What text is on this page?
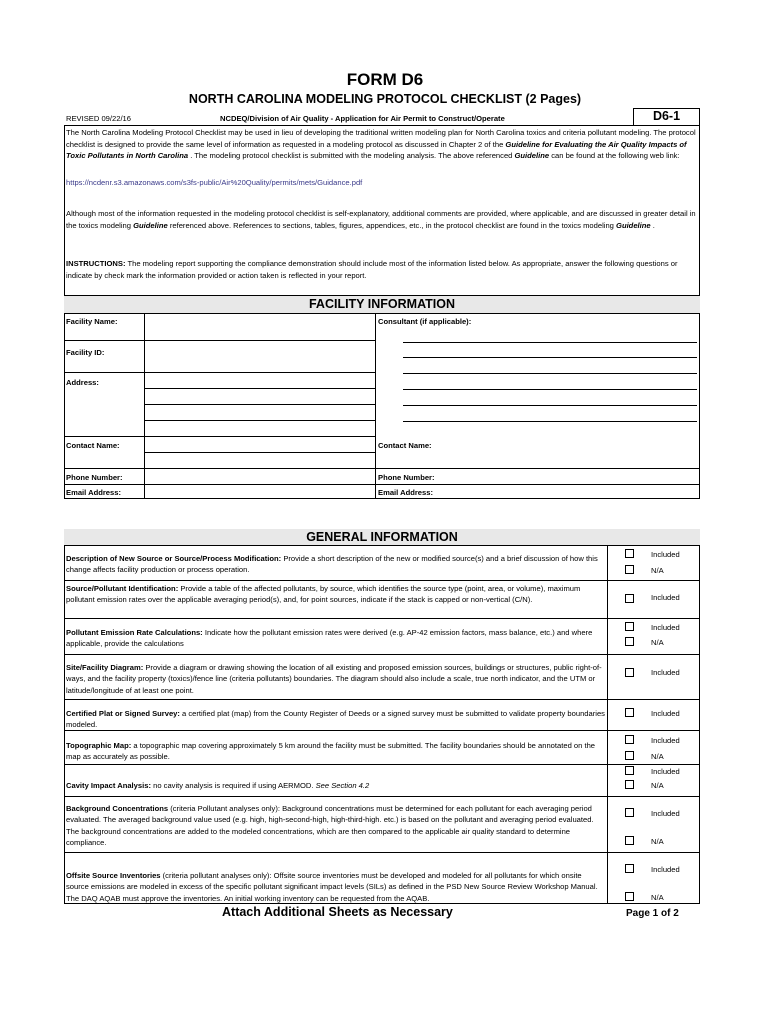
FORM D6
NORTH CAROLINA MODELING PROTOCOL CHECKLIST (2 Pages)
REVISED 09/22/16	NCDEQ/Division of Air Quality - Application for Air Permit to Construct/Operate	D6-1
The North Carolina Modeling Protocol Checklist may be used in lieu of developing the traditional written modeling plan for North Carolina toxics and criteria pollutant modeling. The protocol checklist is designed to provide the same level of information as requested in a modeling protocol as discussed in Chapter 2 of the Guideline for Evaluating the Air Quality Impacts of Toxic Pollutants in North Carolina . The modeling protocol checklist is submitted with the modeling analysis. The above referenced Guideline can be found at the following web link:
https://ncdenr.s3.amazonaws.com/s3fs-public/Air%20Quality/permits/mets/Guidance.pdf
Although most of the information requested in the modeling protocol checklist is self-explanatory, additional comments are provided, where applicable, and are discussed in greater detail in the toxics modeling Guideline referenced above. References to sections, tables, figures, appendices, etc., in the protocol checklist are found in the toxics modeling Guideline .
INSTRUCTIONS: The modeling report supporting the compliance demonstration should include most of the information listed below. As appropriate, answer the following questions or indicate by check mark the information provided or action taken is reflected in your report.
FACILITY INFORMATION
Facility Name:	Consultant (if applicable):
Facility ID:
Address:
Contact Name:	Contact Name:
Phone Number:	Phone Number:
Email Address:	Email Address:
GENERAL INFORMATION
Description of New Source or Source/Process Modification: Provide a short description of the new or modified source(s) and a brief discussion of how this change affects facility production or process operation.
Included
N/A
Source/Pollutant Identification: Provide a table of the affected pollutants, by source, which identifies the source type (point, area, or volume), maximum pollutant emission rates over the applicable averaging period(s), and, for point sources, indicate if the stack is capped or non-vertical (C/N).	Included
Pollutant Emission Rate Calculations: Indicate how the pollutant emission rates were derived (e.g. AP-42 emission factors, mass balance, etc.) and where applicable, provide the calculations
Included
N/A
Site/Facility Diagram: Provide a diagram or drawing showing the location of all existing and proposed emission sources, buildings or structures, public right-of-ways, and the facility property (toxics)/fence line (criteria pollutants) boundaries. The diagram should also include a scale, true north indicator, and the UTM or latitude/longitude of at least one point.
Included
Certified Plat or Signed Survey: a certified plat (map) from the County Register of Deeds or a signed survey must be submitted to validate property boundaries modeled.
Included
Topographic Map: a topographic map covering approximately 5 km around the facility must be submitted. The facility boundaries should be annotated on the map as accurately as possible.
Included
N/A
Cavity Impact Analysis: no cavity analysis is required if using AERMOD. See Section 4.2
Included
N/A
Background Concentrations (criteria Pollutant analyses only): Background concentrations must be determined for each pollutant for each averaging period evaluated. The averaged background value used (e.g. high, high-second-high, high-third-high. etc.) is based on the pollutant and averaging period evaluated. The background concentrations are added to the modeled concentrations, which are then compared to the applicable air quality standard to determine compliance.
Included
N/A
Offsite Source Inventories (criteria pollutant analyses only): Offsite source inventories must be developed and modeled for all pollutants for which onsite source emissions are modeled in excess of the specific pollutant significant impact levels (SILs) as defined in the PSD New Source Review Workshop Manual. The DAQ AQAB must approve the inventories. An initial working inventory can be requested from the AQAB.
Included
N/A
Attach Additional Sheets as Necessary	Page 1 of 2
